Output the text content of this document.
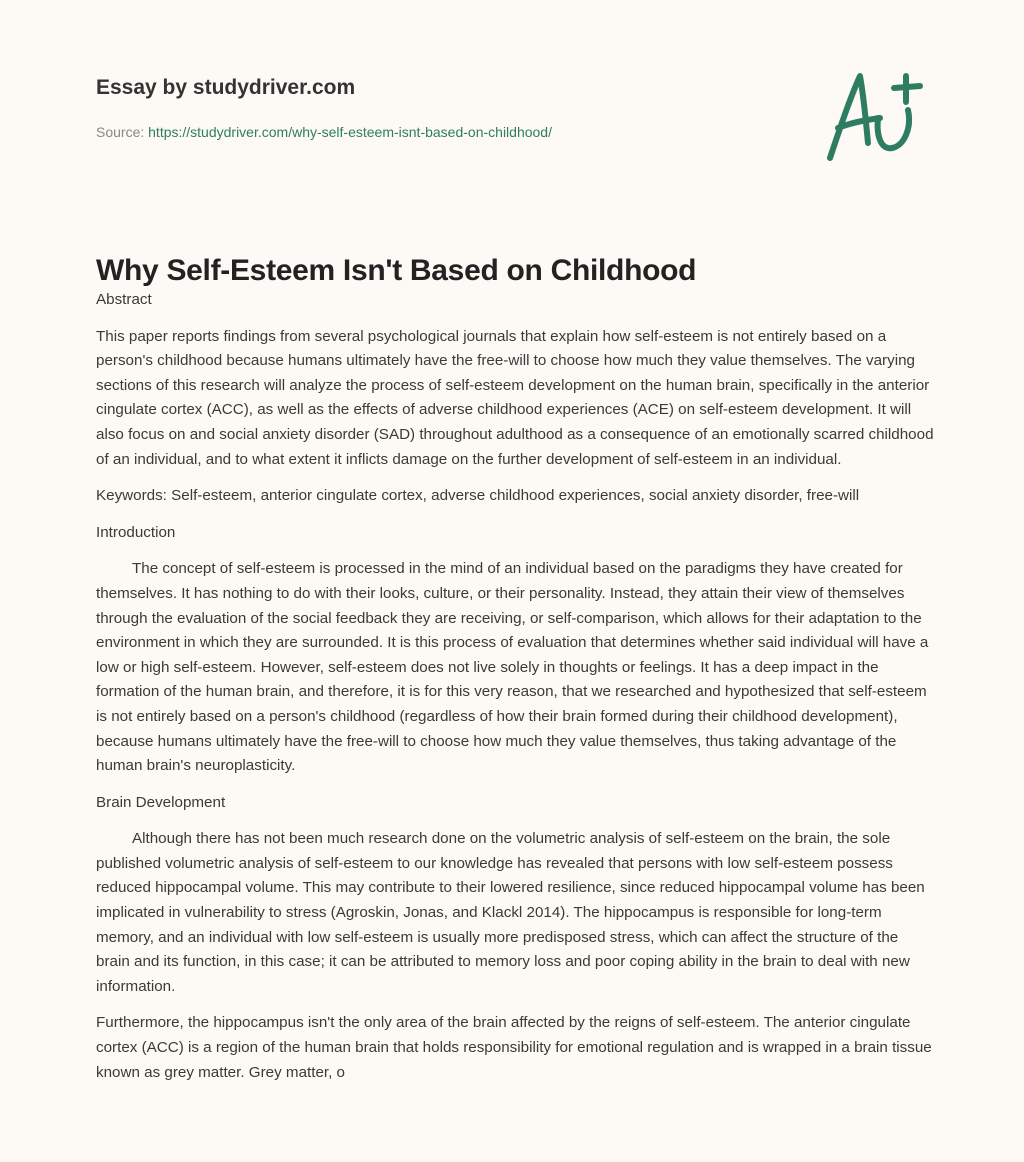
Essay by studydriver.com
Source: https://studydriver.com/why-self-esteem-isnt-based-on-childhood/
Why Self-Esteem Isn't Based on Childhood

Abstract

This paper reports findings from several psychological journals that explain how self-esteem is not entirely based on a person's childhood because humans ultimately have the free-will to choose how much they value themselves. The varying sections of this research will analyze the process of self-esteem development on the human brain, specifically in the anterior cingulate cortex (ACC), as well as the effects of adverse childhood experiences (ACE) on self-esteem development. It will also focus on and social anxiety disorder (SAD) throughout adulthood as a consequence of an emotionally scarred childhood of an individual, and to what extent it inflicts damage on the further development of self-esteem in an individual.

Keywords: Self-esteem, anterior cingulate cortex, adverse childhood experiences, social anxiety disorder, free-will

Introduction

The concept of self-esteem is processed in the mind of an individual based on the paradigms they have created for themselves. It has nothing to do with their looks, culture, or their personality. Instead, they attain their view of themselves through the evaluation of the social feedback they are receiving, or self-comparison, which allows for their adaptation to the environment in which they are surrounded. It is this process of evaluation that determines whether said individual will have a low or high self-esteem. However, self-esteem does not live solely in thoughts or feelings. It has a deep impact in the formation of the human brain, and therefore, it is for this very reason, that we researched and hypothesized that self-esteem is not entirely based on a person's childhood (regardless of how their brain formed during their childhood development), because humans ultimately have the free-will to choose how much they value themselves, thus taking advantage of the human brain's neuroplasticity.

Brain Development

Although there has not been much research done on the volumetric analysis of self-esteem on the brain, the sole published volumetric analysis of self-esteem to our knowledge has revealed that persons with low self-esteem possess reduced hippocampal volume. This may contribute to their lowered resilience, since reduced hippocampal volume has been implicated in vulnerability to stress (Agroskin, Jonas, and Klackl 2014). The hippocampus is responsible for long-term memory, and an individual with low self-esteem is usually more predisposed stress, which can affect the structure of the brain and its function, in this case; it can be attributed to memory loss and poor coping ability in the brain to deal with new information.

Furthermore, the hippocampus isn't the only area of the brain affected by the reigns of self-esteem. The anterior cingulate cortex (ACC) is a region of the human brain that holds responsibility for emotional regulation and is wrapped in a brain tissue known as grey matter. Grey matter, o
